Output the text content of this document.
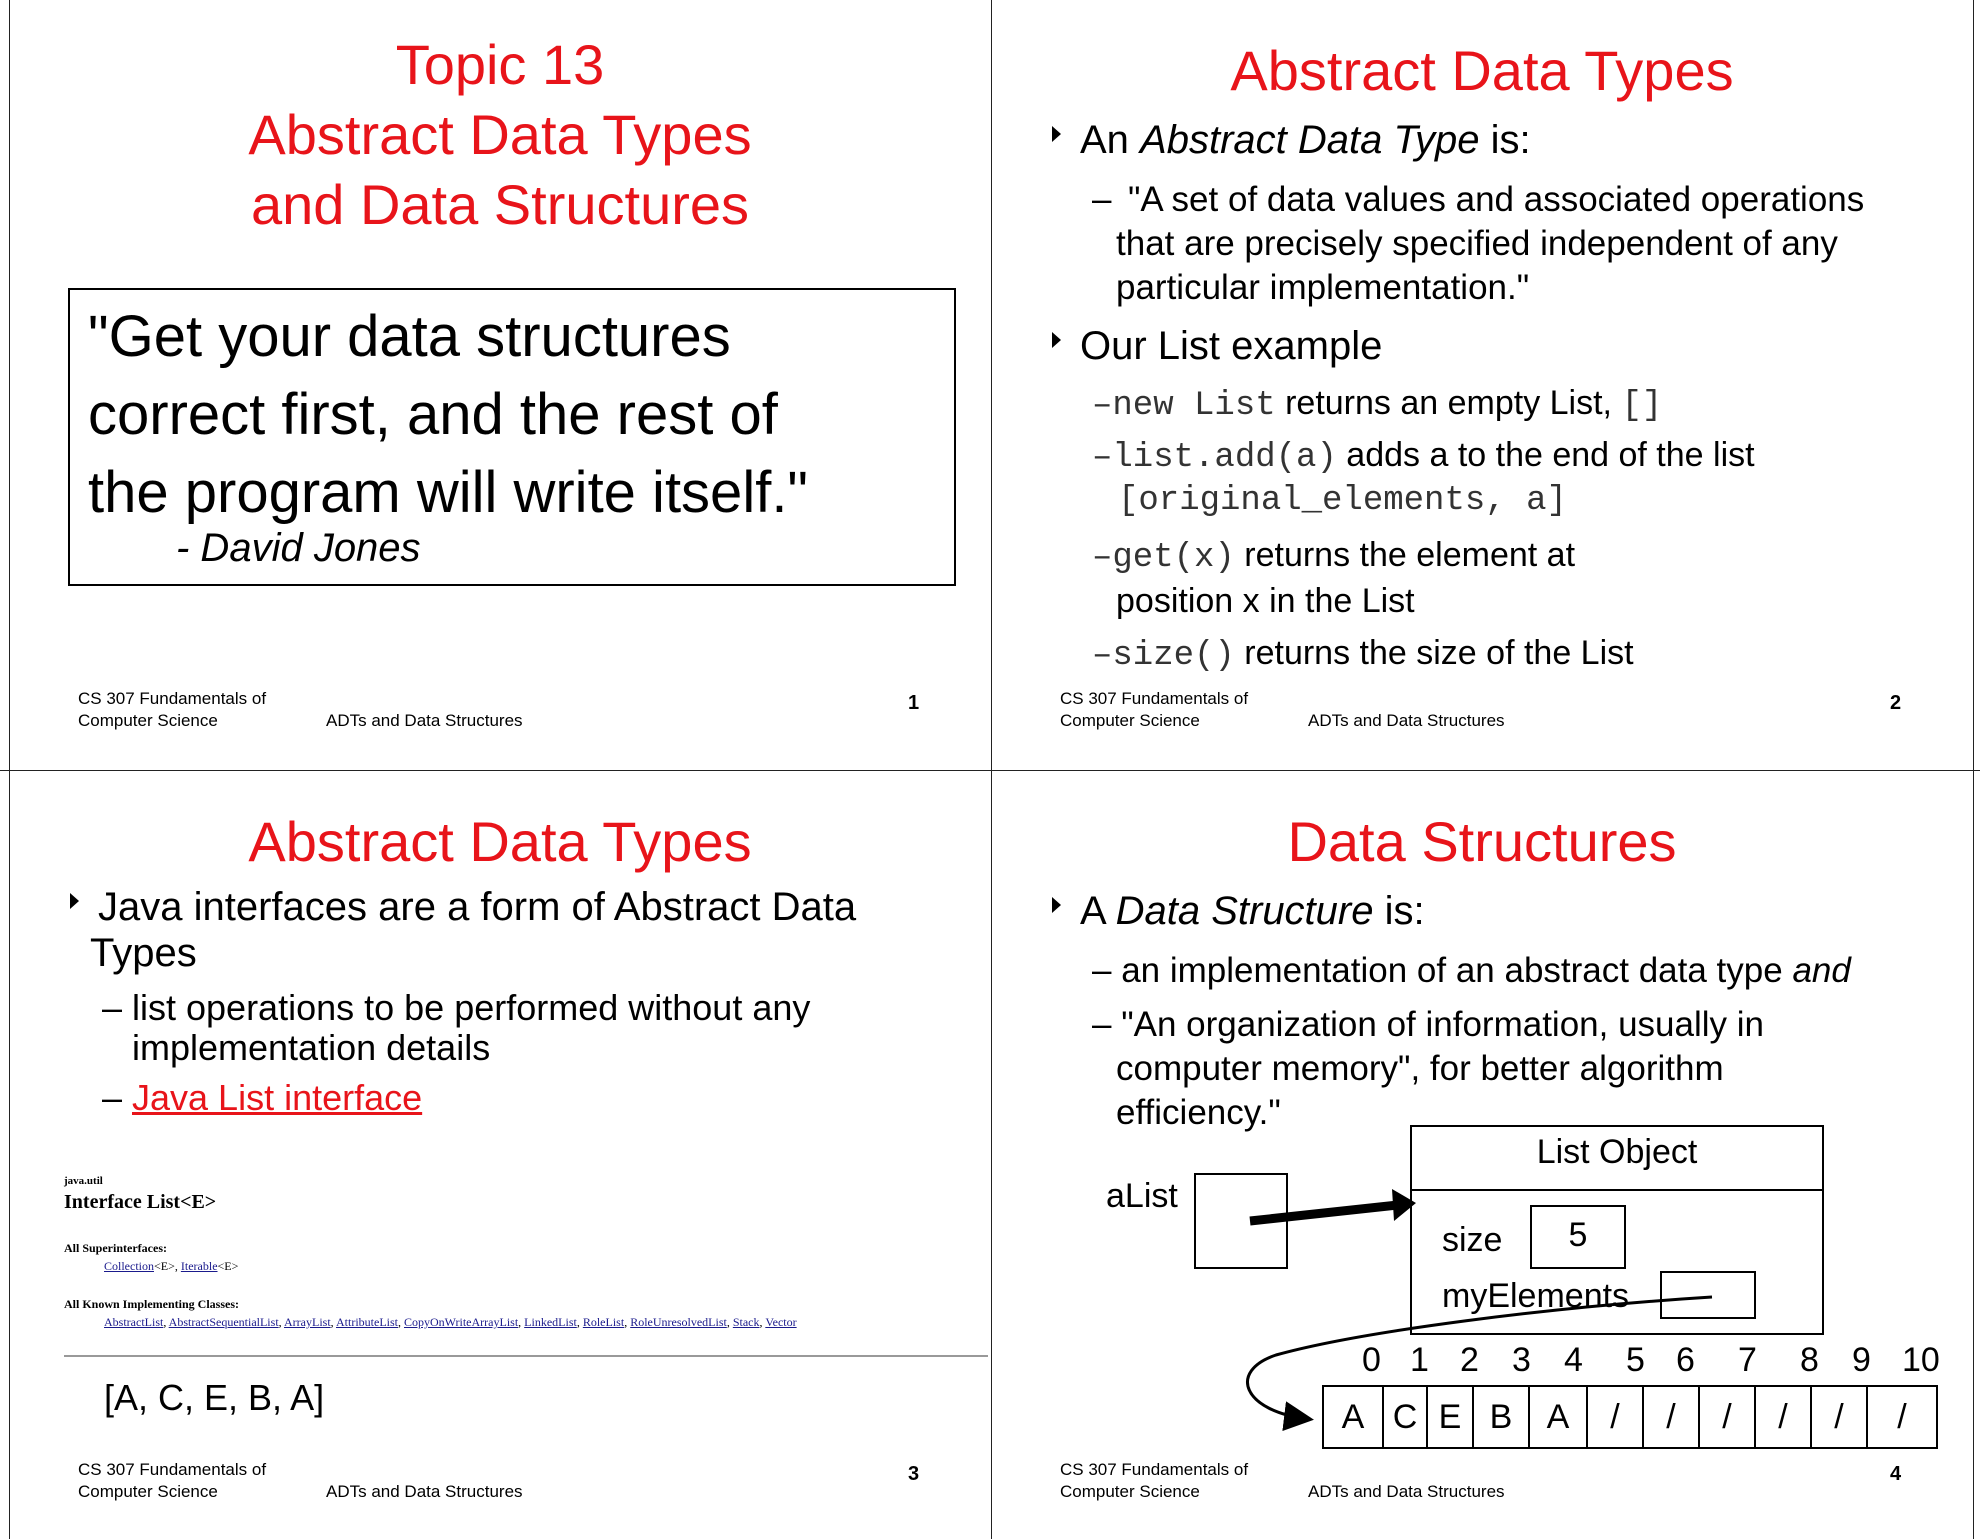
Topic 13
Abstract Data Types
and Data Structures
"Get your data structures
correct first, and the rest of
the program will write itself."
- David Jones
CS 307 Fundamentals of
Computer Science	ADTs and Data Structures
1
Abstract Data Types
An Abstract Data Type is:
– "A set of data values and associated operations
that are precisely specified independent of any
particular implementation."
Our List example
–new List returns an empty List, []
–list.add(a) adds a to the end of the list
[original_elements, a]
–get(x) returns the element at
position x in the List
–size() returns the size of the List
CS 307 Fundamentals of
Computer Science	ADTs and Data Structures
2
Abstract Data Types
Java interfaces are a form of Abstract Data
Types
– list operations to be performed without any
implementation details
– Java List interface
java.util
Interface List<E>
All Superinterfaces:
Collection<E>, Iterable<E>
All Known Implementing Classes:
AbstractList, AbstractSequentialList, ArrayList, AttributeList, CopyOnWriteArrayList, LinkedList, RoleList, RoleUnresolvedList, Stack, Vector
[A, C, E, B, A]
CS 307 Fundamentals of
Computer Science	ADTs and Data Structures
3
Data Structures
A Data Structure is:
– an implementation of an abstract data type and
– "An organization of information, usually in
computer memory", for better algorithm
efficiency."
aList
List Object
size	5
myElements
0 1 2 3 4 5 6 7 8 9 10
A C E B	A	/	/	/	/	/	/
CS 307 Fundamentals of
Computer Science	ADTs and Data Structures
4
